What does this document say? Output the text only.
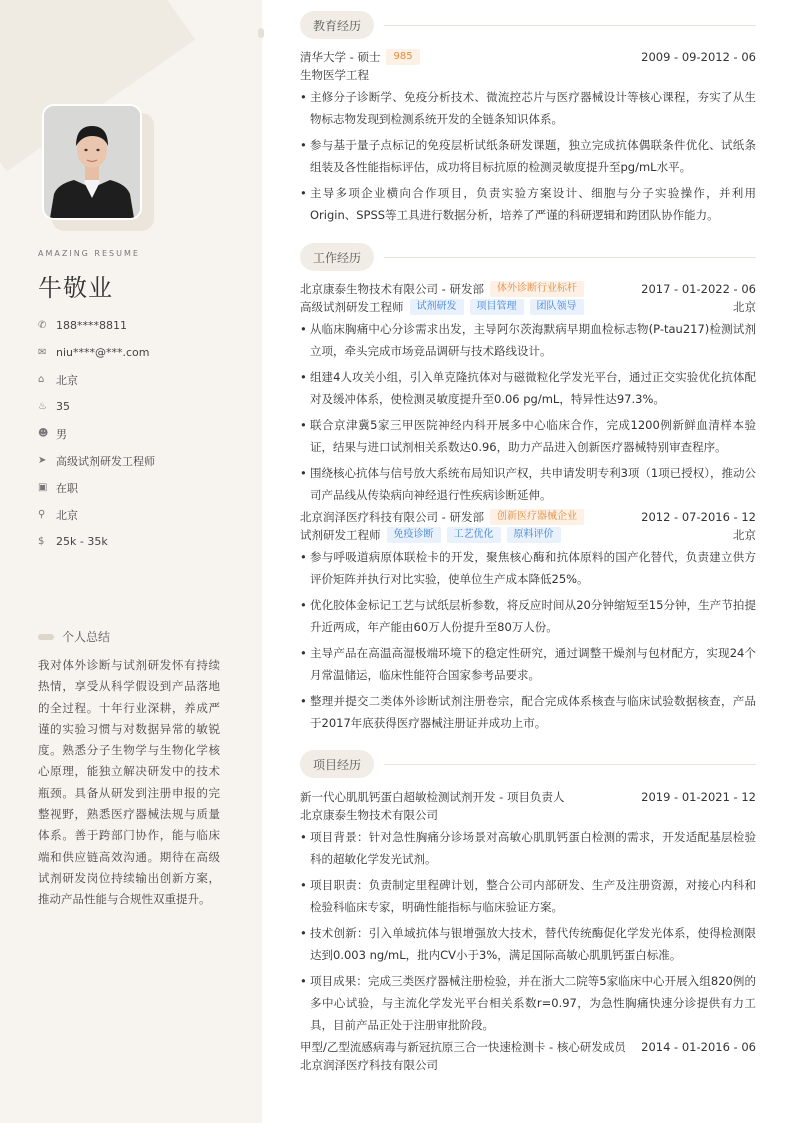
AMAZING RESUME
牛敬业
✆ 188****8811
✉ niu****@***.com
⌂	北京
♨ 35
☻ 男
➤ 高级试剂研发工程师
▣ 在职
⚲ 北京
$	25k - 35k
个人总结
我对体外诊断与试剂研发怀有持续热情，享受从科学假设到产品落地的全过程。十年行业深耕，养成严谨的实验习惯与对数据异常的敏锐度。熟悉分子生物学与生物化学核心原理，能独立解决研发中的技术瓶颈。具备从研发到注册申报的完整视野，熟悉医疗器械法规与质量体系。善于跨部门协作，能与临床端和供应链高效沟通。期待在高级试剂研发岗位持续输出创新方案，推动产品性能与合规性双重提升。
教育经历
清华大学 - 硕士	985	2009 - 09-2012 - 06
生物医学工程
• 主修分子诊断学、免疫分析技术、微流控芯片与医疗器械设计等核心课程，夯实了从生物标志物发现到检测系统开发的全链条知识体系。
• 参与基于量子点标记的免疫层析试纸条研发课题，独立完成抗体偶联条件优化、试纸条组装及各性能指标评估，成功将目标抗原的检测灵敏度提升至pg/mL水平。
• 主导多项企业横向合作项目，负责实验方案设计、细胞与分子实验操作，并利用Origin、SPSS等工具进行数据分析，培养了严谨的科研逻辑和跨团队协作能力。
工作经历
北京康泰生物技术有限公司 - 研发部	体外诊断行业标杆	2017 - 01-2022 - 06
高级试剂研发工程师	试剂研发	项目管理	团队领导	北京
• 从临床胸痛中心分诊需求出发，主导阿尔茨海默病早期血检标志物(P-tau217)检测试剂立项，牵头完成市场竞品调研与技术路线设计。
• 组建4人攻关小组，引入单克隆抗体对与磁微粒化学发光平台，通过正交实验优化抗体配对及缓冲体系，使检测灵敏度提升至0.06 pg/mL，特异性达97.3%。
• 联合京津冀5家三甲医院神经内科开展多中心临床合作，完成1200例新鲜血清样本验证，结果与进口试剂相关系数达0.96，助力产品进入创新医疗器械特别审查程序。
• 围绕核心抗体与信号放大系统布局知识产权，共申请发明专利3项（1项已授权），推动公司产品线从传染病向神经退行性疾病诊断延伸。
北京润泽医疗科技有限公司 - 研发部	创新医疗器械企业	2012 - 07-2016 - 12
试剂研发工程师	免疫诊断	工艺优化	原料评价	北京
• 参与呼吸道病原体联检卡的开发，聚焦核心酶和抗体原料的国产化替代，负责建立供方评价矩阵并执行对比实验，使单位生产成本降低25%。
• 优化胶体金标记工艺与试纸层析参数，将反应时间从20分钟缩短至15分钟，生产节拍提升近两成，年产能由60万人份提升至80万人份。
• 主导产品在高温高湿极端环境下的稳定性研究，通过调整干燥剂与包材配方，实现24个月常温储运，临床性能符合国家参考品要求。
• 整理并提交二类体外诊断试剂注册卷宗，配合完成体系核查与临床试验数据核查，产品于2017年底获得医疗器械注册证并成功上市。
项目经历
新一代心肌肌钙蛋白超敏检测试剂开发 - 项目负责人	2019 - 01-2021 - 12
北京康泰生物技术有限公司
• 项目背景：针对急性胸痛分诊场景对高敏心肌肌钙蛋白检测的需求，开发适配基层检验科的超敏化学发光试剂。
• 项目职责：负责制定里程碑计划，整合公司内部研发、生产及注册资源，对接心内科和检验科临床专家，明确性能指标与临床验证方案。
• 技术创新：引入单域抗体与银增强放大技术，替代传统酶促化学发光体系，使得检测限达到0.003 ng/mL，批内CV小于3%，满足国际高敏心肌肌钙蛋白标准。
• 项目成果：完成三类医疗器械注册检验，并在浙大二院等5家临床中心开展入组820例的多中心试验，与主流化学发光平台相关系数r=0.97，为急性胸痛快速分诊提供有力工具，目前产品正处于注册审批阶段。
甲型/乙型流感病毒与新冠抗原三合一快速检测卡 - 核心研发成员	2014 - 01-2016 - 06
北京润泽医疗科技有限公司
